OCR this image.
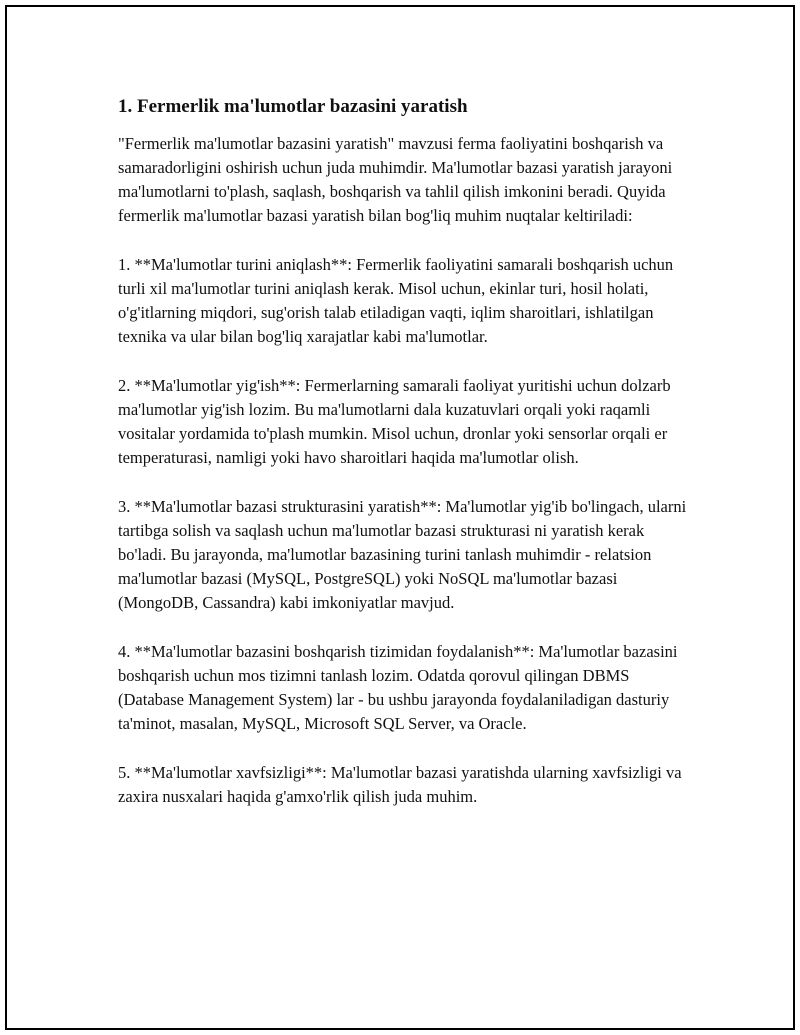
1. Fermerlik ma'lumotlar bazasini yaratish

"Fermerlik ma'lumotlar bazasini yaratish" mavzusi ferma faoliyatini boshqarish va samaradorligini oshirish uchun juda muhimdir. Ma'lumotlar bazasi yaratish jarayoni ma'lumotlarni to'plash, saqlash, boshqarish va tahlil qilish imkonini beradi. Quyida fermerlik ma'lumotlar bazasi yaratish bilan bog'liq muhim nuqtalar keltiriladi:

1. **Ma'lumotlar turini aniqlash**: Fermerlik faoliyatini samarali boshqarish uchun turli xil ma'lumotlar turini aniqlash kerak. Misol uchun, ekinlar turi, hosil holati, o'g'itlarning miqdori, sug'orish talab etiladigan vaqti, iqlim sharoitlari, ishlatilgan texnika va ular bilan bog'liq xarajatlar kabi ma'lumotlar.

2. **Ma'lumotlar yig'ish**: Fermerlarning samarali faoliyat yuritishi uchun dolzarb ma'lumotlar yig'ish lozim. Bu ma'lumotlarni dala kuzatuvlari orqali yoki raqamli vositalar yordamida to'plash mumkin. Misol uchun, dronlar yoki sensorlar orqali er temperaturasi, namligi yoki havo sharoitlari haqida ma'lumotlar olish.

3. **Ma'lumotlar bazasi strukturasini yaratish**: Ma'lumotlar yig'ib bo'lingach, ularni tartibga solish va saqlash uchun ma'lumotlar bazasi strukturasi ni yaratish kerak bo'ladi. Bu jarayonda, ma'lumotlar bazasining turini tanlash muhimdir - relatsion ma'lumotlar bazasi (MySQL, PostgreSQL) yoki NoSQL ma'lumotlar bazasi (MongoDB, Cassandra) kabi imkoniyatlar mavjud.

4. **Ma'lumotlar bazasini boshqarish tizimidan foydalanish**: Ma'lumotlar bazasini boshqarish uchun mos tizimni tanlash lozim. Odatda qorovul qilingan DBMS (Database Management System) lar - bu ushbu jarayonda foydalaniladigan dasturiy ta'minot, masalan, MySQL, Microsoft SQL Server, va Oracle.

5. **Ma'lumotlar xavfsizligi**: Ma'lumotlar bazasi yaratishda ularning xavfsizligi va zaxira nusxalari haqida g'amxo'rlik qilish juda muhim.
